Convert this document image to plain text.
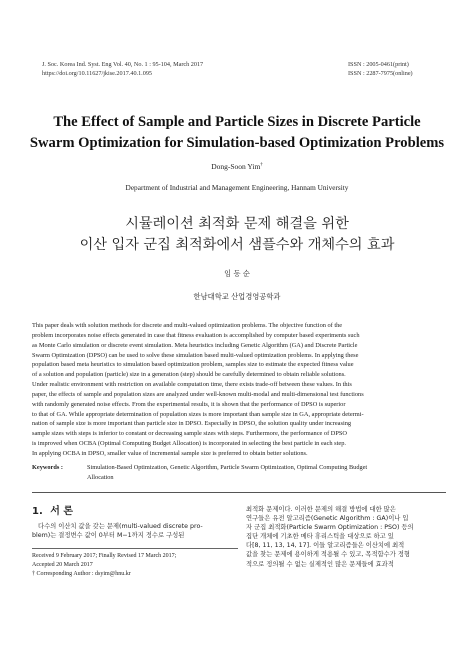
J. Soc. Korea Ind. Syst. Eng Vol. 40, No. 1 : 95-104, March 2017
https://doi.org/10.11627/jkise.2017.40.1.095
ISSN : 2005-0461(print)
ISSN : 2287-7975(online)
The Effect of Sample and Particle Sizes in Discrete Particle
Swarm Optimization for Simulation-based Optimization Problems
Dong-Soon Yim†
Department of Industrial and Management Engineering, Hannam University
시뮬레이션 최적화 문제 해결을 위한
이산 입자 군집 최적화에서 샘플수와 개체수의 효과
임 동 순
한남대학교 산업경영공학과
This paper deals with solution methods for discrete and multi-valued optimization problems. The objective function of the
problem incorporates noise effects generated in case that fitness evaluation is accomplished by computer based experiments such
as Monte Carlo simulation or discrete event simulation. Meta heuristics including Genetic Algorithm (GA) and Discrete Particle
Swarm Optimization (DPSO) can be used to solve these simulation based multi-valued optimization problems. In applying these
population based meta heuristics to simulation based optimization problem, samples size to estimate the expected fitness value
of a solution and population (particle) size in a generation (step) should be carefully determined to obtain reliable solutions.
Under realistic environment with restriction on available computation time, there exists trade-off between these values. In this
paper, the effects of sample and population sizes are analyzed under well-known multi-modal and multi-dimensional test functions
with randomly generated noise effects. From the experimental results, it is shown that the performance of DPSO is superior
to that of GA. While appropriate determination of population sizes is more important than sample size in GA, appropriate determi-
nation of sample size is more important than particle size in DPSO. Especially in DPSO, the solution quality under increasing
sample sizes with steps is inferior to constant or decreasing sample sizes with steps. Furthermore, the performance of DPSO
is improved when OCBA (Optimal Computing Budget Allocation) is incorporated in selecting the best particle in each step.
In applying OCBA in DPSO, smaller value of incremental sample size is preferred to obtain better solutions.
Keywords :	Simulation-Based Optimization, Genetic Algorithm, Particle Swarm Optimization, Optimal Computing Budget
Allocation
1. 서 론
다수의 이산치 값을 갖는 문제(multi-valued discrete pro-
blem)는 결정변수 값이 0부터 M−1까지 정수로 구성된
Received 9 February 2017; Finally Revised 17 March 2017;
Accepted 20 March 2017
† Corresponding Author : dsyim@hnu.kr
최적화 문제이다. 이러한 문제의 해결 방법에 대한 많은
연구들은 유전 알고리즘(Genetic Algorithm : GA)이나 입
자 군집 최적화(Particle Swarm Optimization : PSO) 등의
집단 개체에 기초한 메타 휴리스틱을 대상으로 하고 있
다[8, 11, 13, 14, 17]. 이들 알고리즘들은 이산치에 최적
값을 찾는 문제에 용이하게 적용될 수 있고, 목적함수가 정형
적으로 정의될 수 없는 실제적인 많은 문제들에 효과적
